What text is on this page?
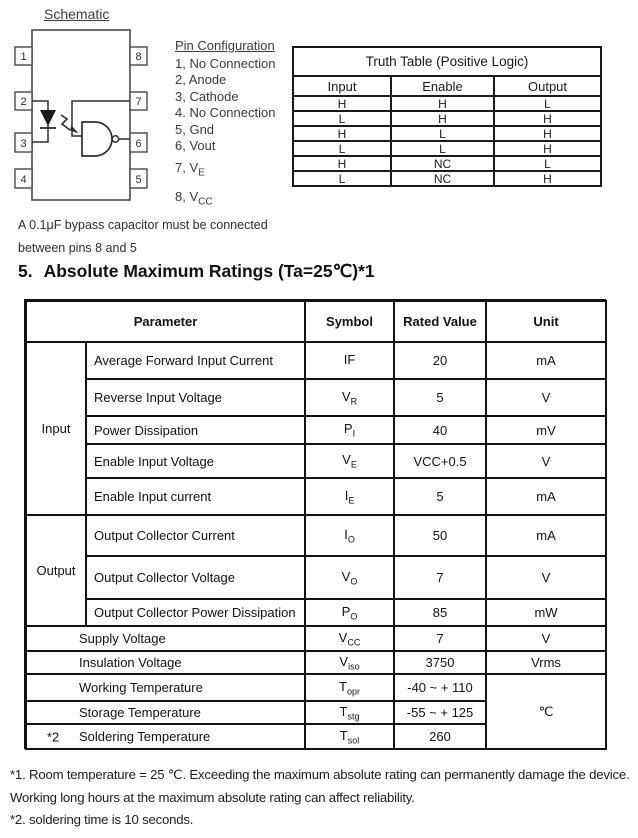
Schematic
1
2
3
4
8
7
6
5
Pin Configuration
1, No Connection
2, Anode
3, Cathode
4. No Connection
5, Gnd
6, Vout
7, $V_E$
8, $V_{CC}$
Truth Table (Positive Logic)		
Input	Enable	Output
H	H	L
L	H	H
H	L	H
L	L	H
H	NC	L
L	NC	H
A 0.1μF bypass capacitor must be connected
between pins 8 and 5
5. Absolute Maximum Ratings (Ta=25℃)*1
Parameter		Symbol	Rated Value	Unit
Input	Average Forward Input Current	IF	20	mA
	Reverse Input Voltage	$V_R$	5	V
	Power Dissipation	$P_I$	40	mV
	Enable Input Voltage	$V_E$	VCC+0.5	V
	Enable Input current	$I_E$	5	mA
Output	Output Collector Current	$I_O$	50	mA
	Output Collector Voltage	$V_O$	7	V
	Output Collector Power Dissipation	$P_O$	85	mW
Supply Voltage		$V_{CC}$	7	V
Insulation Voltage		$V_{iso}$	3750	Vrms
Working Temperature		$T_{opr}$	-40 ~ + 110	℃
Storage Temperature		$T_{stg}$	-55 ~ + 125	

*2 Soldering Temperature		$T_{sol}$	260	
*1. Room temperature = 25 ℃. Exceeding the maximum absolute rating can permanently damage the device.
Working long hours at the maximum absolute rating can affect reliability.
*2. soldering time is 10 seconds.
